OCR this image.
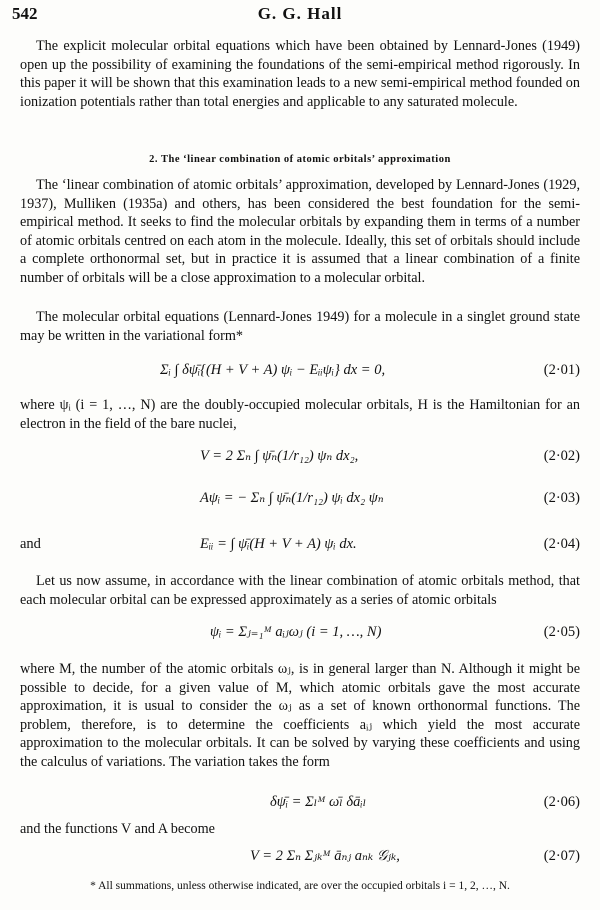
542	G. G. Hall
The explicit molecular orbital equations which have been obtained by Lennard-Jones (1949) open up the possibility of examining the foundations of the semi-empirical method rigorously. In this paper it will be shown that this examination leads to a new semi-empirical method founded on ionization potentials rather than total energies and applicable to any saturated molecule.
2. The ‘linear combination of atomic orbitals’ approximation
The ‘linear combination of atomic orbitals’ approximation, developed by Lennard-Jones (1929, 1937), Mulliken (1935a) and others, has been considered the best foundation for the semi-empirical method. It seeks to find the molecular orbitals by expanding them in terms of a number of atomic orbitals centred on each atom in the molecule. Ideally, this set of orbitals should include a complete orthonormal set, but in practice it is assumed that a linear combination of a finite number of orbitals will be a close approximation to a molecular orbital.
The molecular orbital equations (Lennard-Jones 1949) for a molecule in a singlet ground state may be written in the variational form*
Σᵢ ∫ δψ̄ᵢ{(H + V + A) ψᵢ − Eᵢᵢψᵢ} dx = 0,	(2·01)
where ψᵢ (i = 1, …, N) are the doubly-occupied molecular orbitals, H is the Hamiltonian for an electron in the field of the bare nuclei,
V = 2 Σₙ ∫ ψ̄ₙ(1/r₁₂) ψₙ dx₂,	(2·02)
Aψᵢ = − Σₙ ∫ ψ̄ₙ(1/r₁₂) ψᵢ dx₂ ψₙ	(2·03)
and	Eᵢᵢ = ∫ ψ̄ᵢ(H + V + A) ψᵢ dx.	(2·04)
Let us now assume, in accordance with the linear combination of atomic orbitals method, that each molecular orbital can be expressed approximately as a series of atomic orbitals
ψᵢ = Σⱼ₌₁ᴹ aᵢⱼωⱼ (i = 1, …, N)	(2·05)
where M, the number of the atomic orbitals ωⱼ, is in general larger than N. Although it might be possible to decide, for a given value of M, which atomic orbitals gave the most accurate approximation, it is usual to consider the ωⱼ as a set of known orthonormal functions. The problem, therefore, is to determine the coefficients aᵢⱼ which yield the most accurate approximation to the molecular orbitals. It can be solved by varying these coefficients and using the calculus of variations. The variation takes the form
δψ̄ᵢ = Σₗᴹ ω̄ₗ δāᵢₗ	(2·06)
and the functions V and A become
V = 2 Σₙ Σⱼₖᴹ āₙⱼ aₙₖ 𝒢ⱼₖ,	(2·07)
* All summations, unless otherwise indicated, are over the occupied orbitals i = 1, 2, …, N.
